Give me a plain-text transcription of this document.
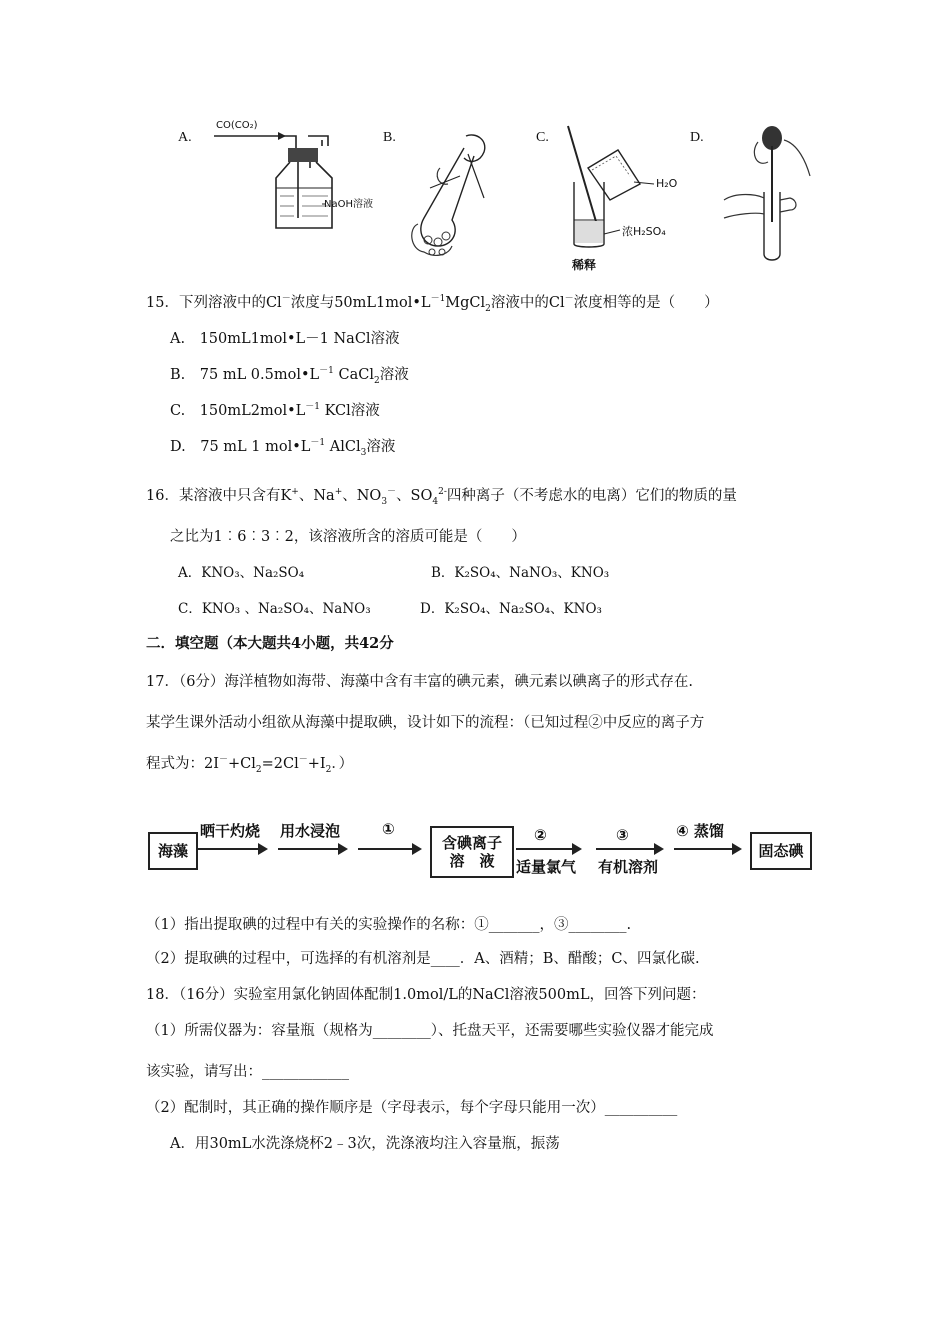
A.
CO(CO₂)
NaOH溶液
B.	C.
H₂O
浓H₂SO₄
稀释
D.
15．下列溶液中的Cl－浓度与$50mL1mol•L^{-1}MgCl_2$溶液中的Cl－浓度相等的是（　　）
A.　150mL1mol•L－1 NaCl溶液
B.　75 mL $0.5mol•L^{-1}$ CaCl$_2$溶液
C.　$150mL2mol•L^{-1}$ KCl溶液
D.　75 mL 1 $mol•L^{-1}$ AlCl$_3$溶液
16．某溶液中只含有K+、Na+、$NO_3^-$、$SO_4^{2-}$四种离子（不考虑水的电离）它们的物质的量
之比为1︰6︰3︰2，该溶液所含的溶质可能是（　　）
A．KNO₃、Na₂SO₄	B．K₂SO₄、NaNO₃、KNO₃
C．KNO₃ 、Na₂SO₄、NaNO₃	D．K₂SO₄、Na₂SO₄、KNO₃
二．填空题（本大题共4小题，共42分
17．（6分）海洋植物如海带、海藻中含有丰富的碘元素，碘元素以碘离子的形式存在.
某学生课外活动小组欲从海藻中提取碘，设计如下的流程：（已知过程②中反应的离子方
程式为：$2I^-+Cl_2=2Cl^-+I_2$．）
海藻
晒干灼烧 用水浸泡	①
含碘离子
溶　液
②
适量氯气
③
有机溶剂
④ 蒸馏
固态碘
（1）指出提取碘的过程中有关的实验操作的名称：①_______，③________.
（2）提取碘的过程中，可选择的有机溶剂是____．A、酒精；B、醋酸；C、四氯化碳.
18．（16分）实验室用氯化钠固体配制1.0mol/L的NaCl溶液500mL，回答下列问题：
（1）所需仪器为：容量瓶（规格为________）、托盘天平，还需要哪些实验仪器才能完成
该实验，请写出：____________
（2）配制时，其正确的操作顺序是（字母表示，每个字母只能用一次）__________
A．用30mL水洗涤烧杯2﹣3次，洗涤液均注入容量瓶，振荡
